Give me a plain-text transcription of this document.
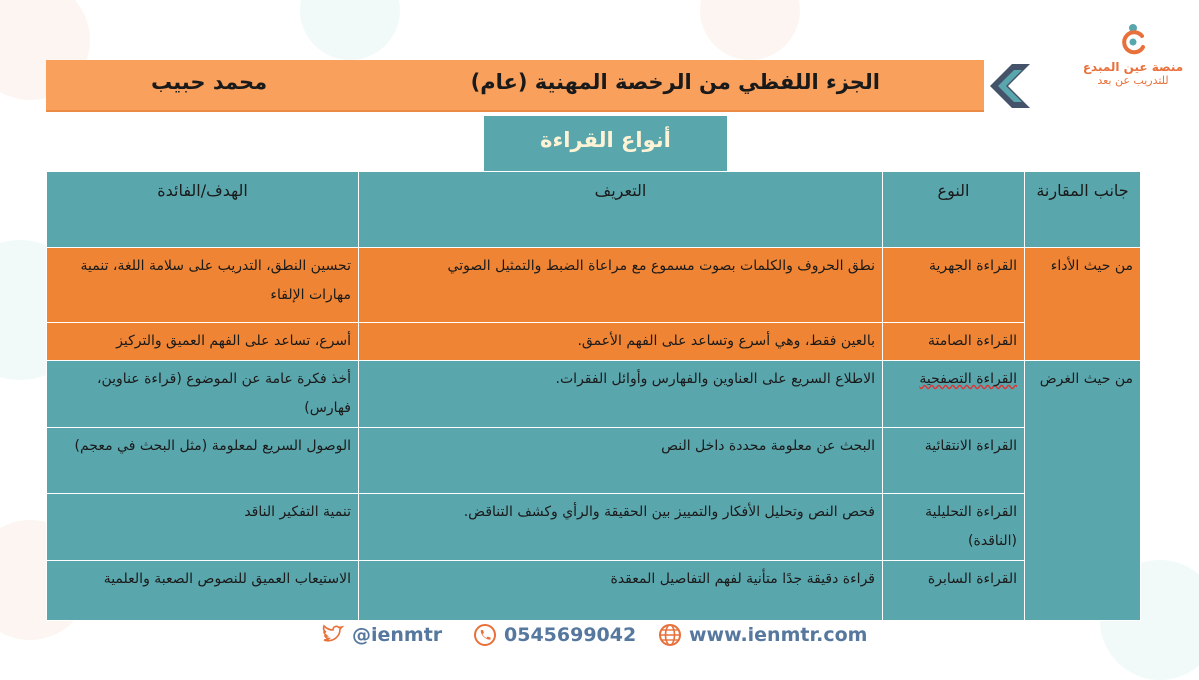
منصة عين المبدع
للتدريب عن بعد
الجزء اللفظي من الرخصة المهنية (عام)
محمد حبيب
أنواع القراءة
جانب المقارنة	النوع	التعريف	الهدف/الفائدة
من حيث الأداء	القراءة الجهرية	نطق الحروف والكلمات بصوت مسموع مع مراعاة الضبط والتمثيل الصوتي	تحسين النطق، التدريب على سلامة اللغة، تنمية مهارات الإلقاء
	القراءة الصامتة	بالعين فقط، وهي أسرع وتساعد على الفهم الأعمق.	أسرع، تساعد على الفهم العميق والتركيز
من حيث الغرض	القراءة التصفحية	الاطلاع السريع على العناوين والفهارس وأوائل الفقرات.	أخذ فكرة عامة عن الموضوع (قراءة عناوين، فهارس)
	القراءة الانتقائية	البحث عن معلومة محددة داخل النص	الوصول السريع لمعلومة (مثل البحث في معجم)
	القراءة التحليلية (الناقدة)	فحص النص وتحليل الأفكار والتمييز بين الحقيقة والرأي وكشف التناقض.	تنمية التفكير الناقد
	القراءة السابرة	قراءة دقيقة جدًا متأنية لفهم التفاصيل المعقدة	الاستيعاب العميق للنصوص الصعبة والعلمية
@ienmtr	0545699042	www.ienmtr.com
